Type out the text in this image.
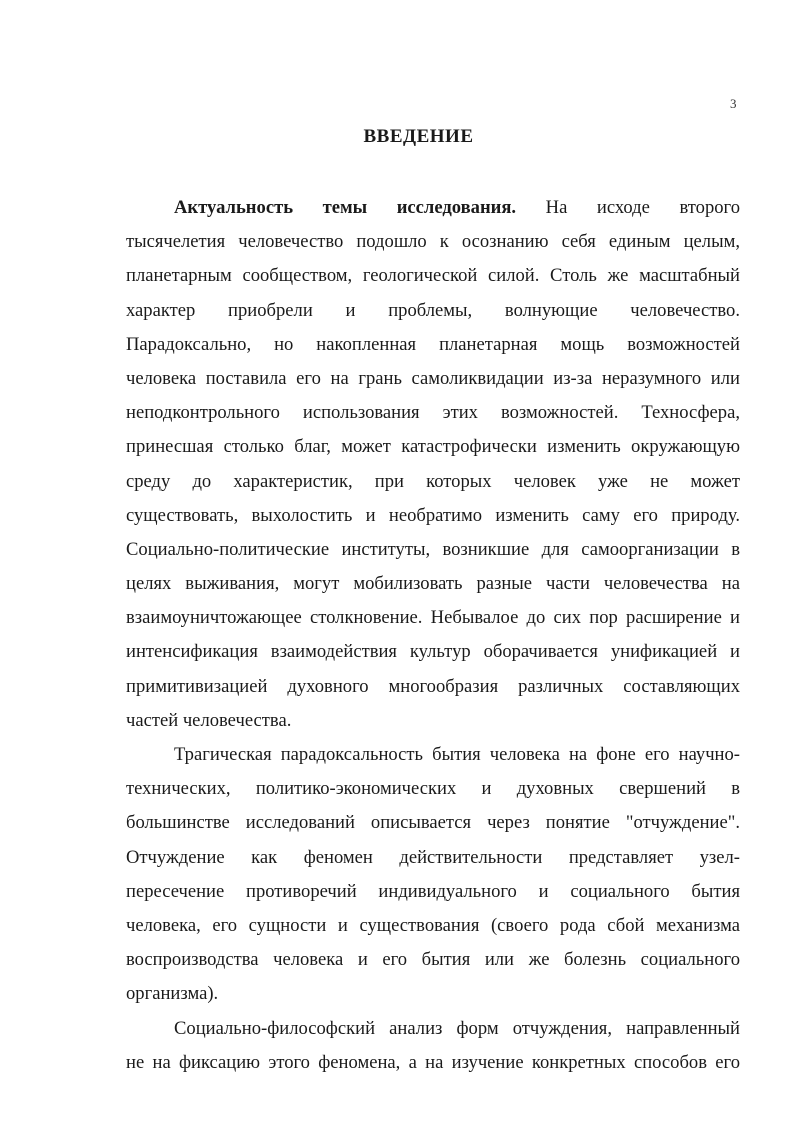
3
ВВЕДЕНИЕ
Актуальность темы исследования. На исходе второго
тысячелетия человечество подошло к осознанию себя единым целым,
планетарным сообществом, геологической силой. Столь же масштабный
характер приобрели и проблемы, волнующие человечество.
Парадоксально, но накопленная планетарная мощь возможностей
человека поставила его на грань самоликвидации из-за неразумного или
неподконтрольного использования этих возможностей. Техносфера,
принесшая столько благ, может катастрофически изменить окружающую
среду до характеристик, при которых человек уже не может
существовать, выхолостить и необратимо изменить саму его природу.
Социально-политические институты, возникшие для самоорганизации в
целях выживания, могут мобилизовать разные части человечества на
взаимоуничтожающее столкновение. Небывалое до сих пор расширение и
интенсификация взаимодействия культур оборачивается унификацией и
примитивизацией духовного многообразия различных составляющих
частей человечества.
Трагическая парадоксальность бытия человека на фоне его научно-
технических, политико-экономических и духовных свершений в
большинстве исследований описывается через понятие "отчуждение".
Отчуждение как феномен действительности представляет узел-
пересечение противоречий индивидуального и социального бытия
человека, его сущности и существования (своего рода сбой механизма
воспроизводства человека и его бытия или же болезнь социального
организма).
Социально-философский анализ форм отчуждения, направленный
не на фиксацию этого феномена, а на изучение конкретных способов его
